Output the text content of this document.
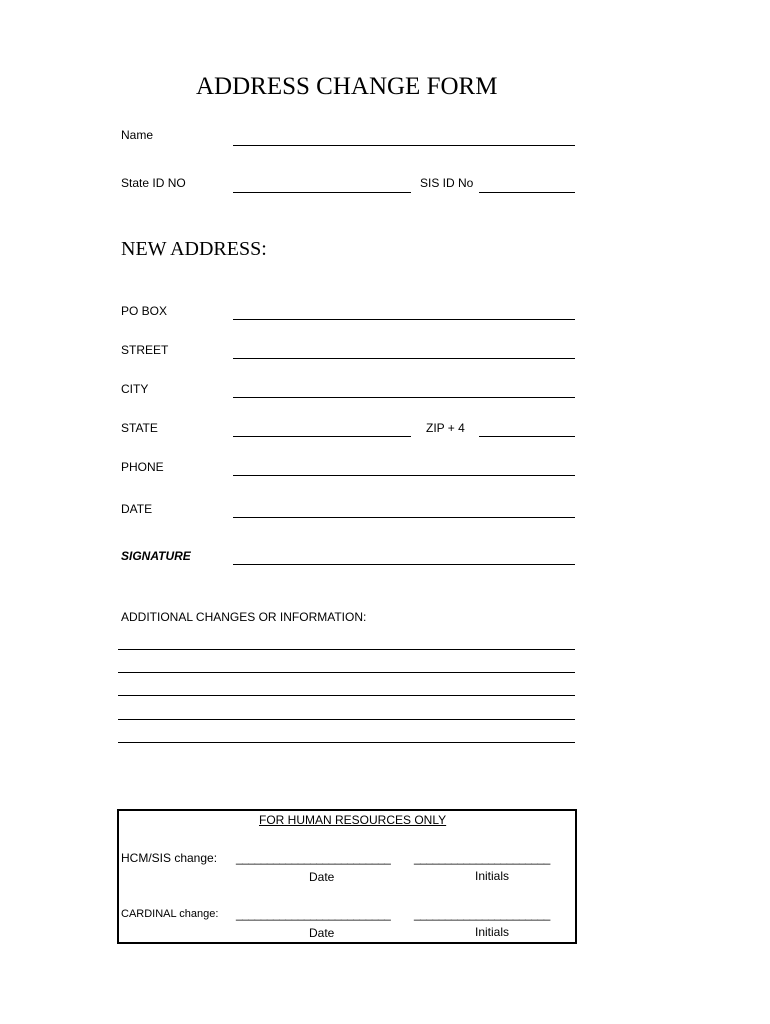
ADDRESS CHANGE FORM
Name
State ID NO	SIS ID No
NEW ADDRESS:
PO BOX
STREET
CITY
STATE	ZIP + 4
PHONE
DATE
SIGNATURE
ADDITIONAL CHANGES OR INFORMATION:
FOR HUMAN RESOURCES ONLY
HCM/SIS change: _________________________ ______________________
Date	Initials
CARDINAL change: _________________________ ______________________
Date	Initials
